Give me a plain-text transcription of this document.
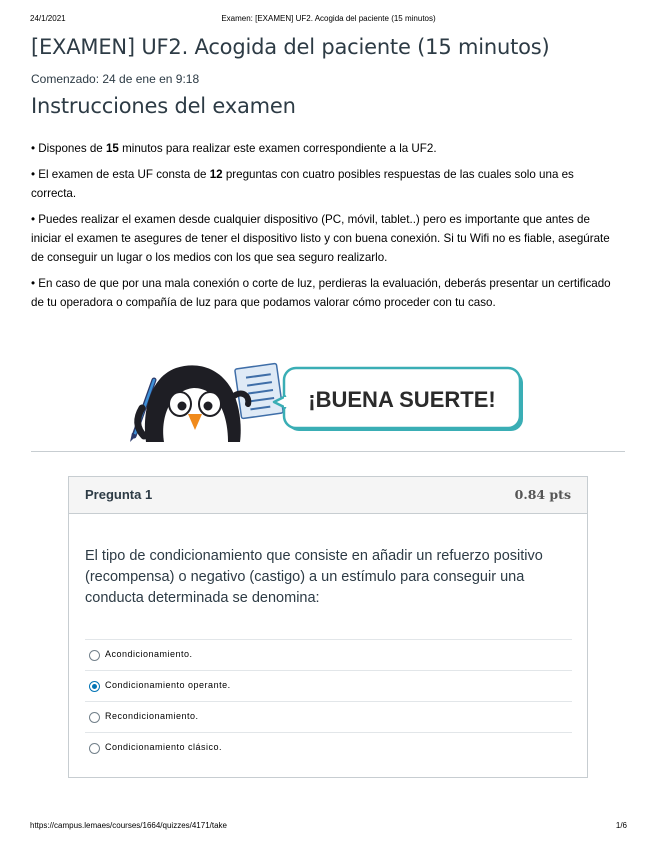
24/1/2021	Examen: [EXAMEN] UF2. Acogida del paciente (15 minutos)
[EXAMEN] UF2. Acogida del paciente (15 minutos)
Comenzado: 24 de ene en 9:18
Instrucciones del examen

• Dispones de 15 minutos para realizar este examen correspondiente a la UF2.

• El examen de esta UF consta de 12 preguntas con cuatro posibles respuestas de las cuales solo una es correcta.

• Puedes realizar el examen desde cualquier dispositivo (PC, móvil, tablet..) pero es importante que antes de iniciar el examen te asegures de tener el dispositivo listo y con buena conexión. Si tu Wifi no es fiable, asegúrate de conseguir un lugar o los medios con los que sea seguro realizarlo.

• En caso de que por una mala conexión o corte de luz, perdieras la evaluación, deberás presentar un certificado de tu operadora o compañía de luz para que podamos valorar cómo proceder con tu caso.

¡BUENA SUERTE!
Pregunta 1	0.84 pts
El tipo de condicionamiento que consiste en añadir un refuerzo positivo (recompensa) o negativo (castigo) a un estímulo para conseguir una conducta determinada se denomina:
Acondicionamiento.
Condicionamiento operante.
Recondicionamiento.
Condicionamiento clásico.
https://campus.lemaes/courses/1664/quizzes/4171/take	1/6
